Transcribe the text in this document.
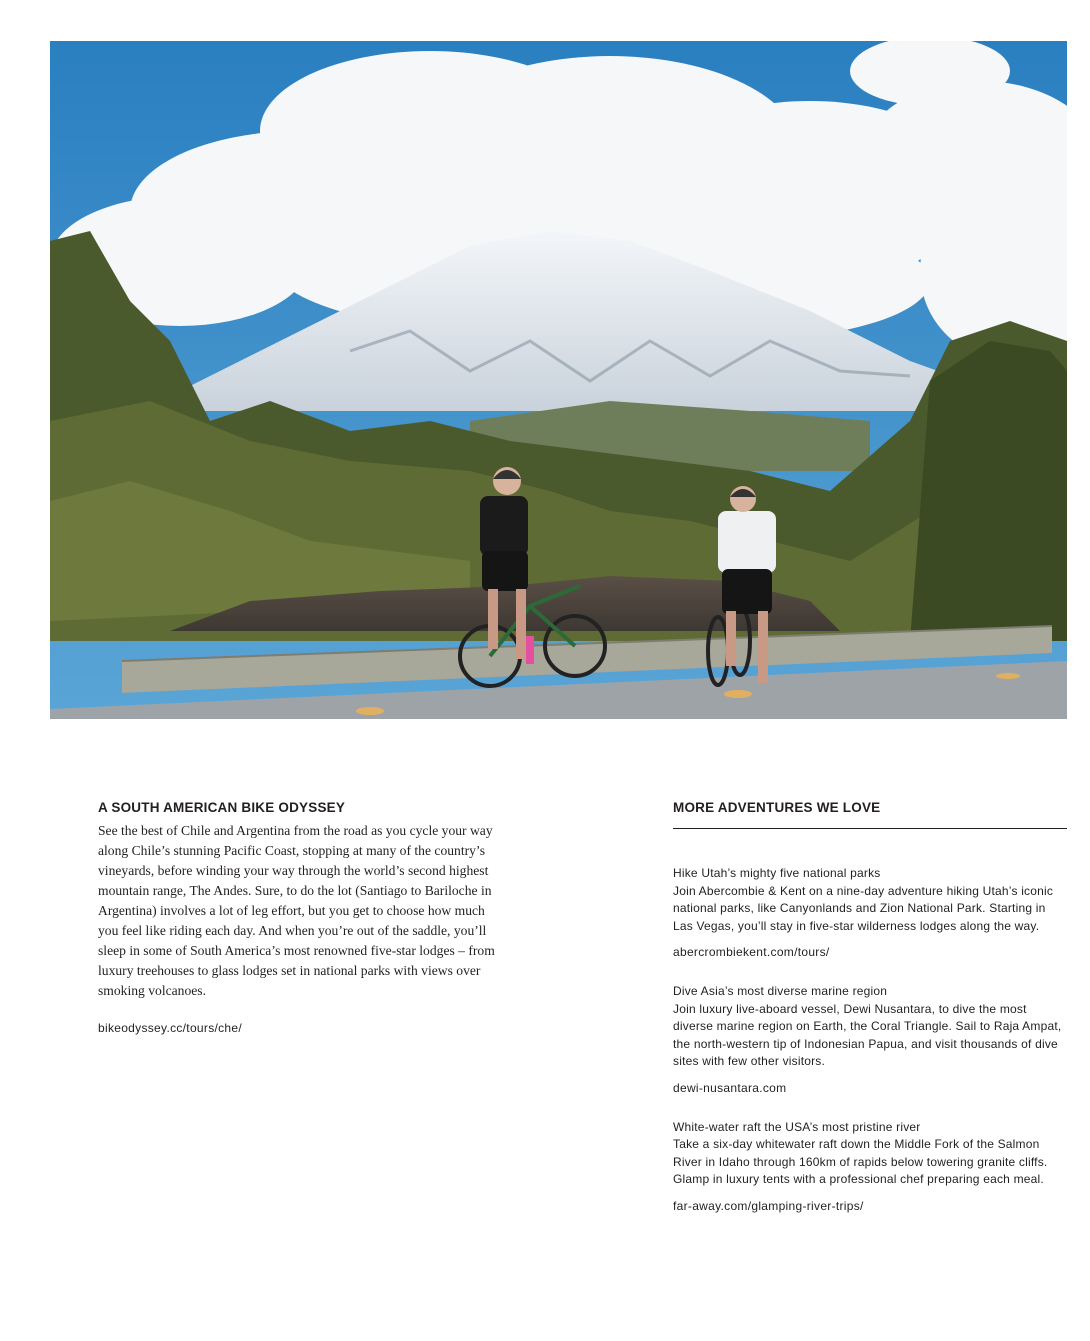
A SOUTH AMERICAN BIKE ODYSSEY

See the best of Chile and Argentina from the road as you cycle your way along Chile’s stunning Pacific Coast, stopping at many of the country’s vineyards, before winding your way through the world’s second highest mountain range, The Andes. Sure, to do the lot (Santiago to Bariloche in Argentina) involves a lot of leg effort, but you get to choose how much you feel like riding each day. And when you’re out of the saddle, you’ll sleep in some of South America’s most renowned five-star lodges – from luxury treehouses to glass lodges set in national parks with views over smoking volcanoes.

bikeodyssey.cc/tours/che/
MORE ADVENTURES WE LOVE
Hike Utah’s mighty five national parks
Join Abercombie & Kent on a nine-day adventure hiking Utah’s iconic national parks, like Canyonlands and Zion National Park. Starting in Las Vegas, you’ll stay in five-star wilderness lodges along the way.
abercrombiekent.com/tours/
Dive Asia’s most diverse marine region
Join luxury live-aboard vessel, Dewi Nusantara, to dive the most diverse marine region on Earth, the Coral Triangle. Sail to Raja Ampat, the north-western tip of Indonesian Papua, and visit thousands of dive sites with few other visitors.
dewi-nusantara.com
White-water raft the USA’s most pristine river
Take a six-day whitewater raft down the Middle Fork of the Salmon River in Idaho through 160km of rapids below towering granite cliffs. Glamp in luxury tents with a professional chef preparing each meal.
far-away.com/glamping-river-trips/
